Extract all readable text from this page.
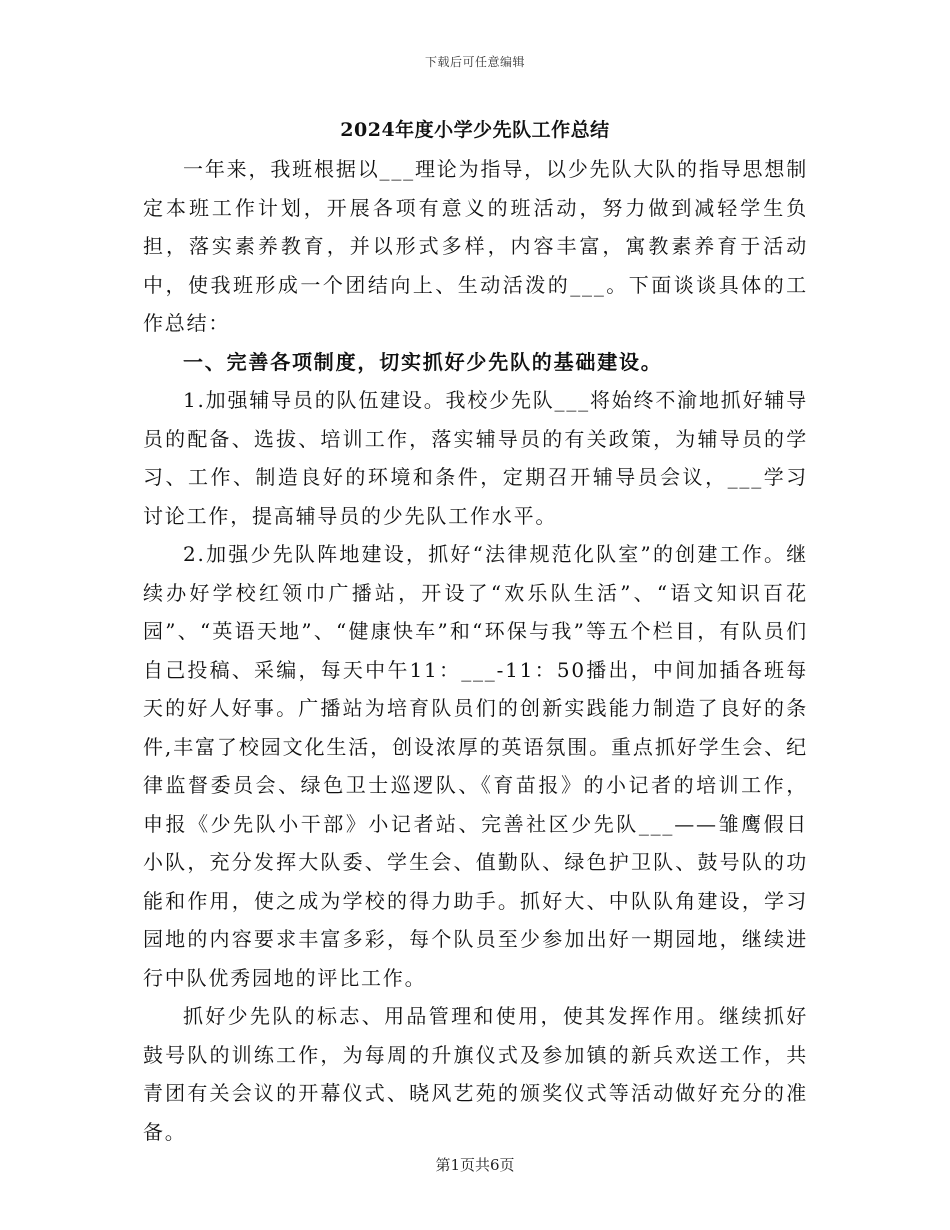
下载后可任意编辑
2024年度小学少先队工作总结

一年来，我班根据以___理论为指导，以少先队大队的指导思想制定本班工作计划，开展各项有意义的班活动，努力做到减轻学生负担，落实素养教育，并以形式多样，内容丰富，寓教素养育于活动中，使我班形成一个团结向上、生动活泼的___。下面谈谈具体的工作总结：

一、完善各项制度，切实抓好少先队的基础建设。

1.加强辅导员的队伍建设。我校少先队___将始终不渝地抓好辅导员的配备、选拔、培训工作，落实辅导员的有关政策，为辅导员的学习、工作、制造良好的环境和条件，定期召开辅导员会议，___学习讨论工作，提高辅导员的少先队工作水平。

2.加强少先队阵地建设，抓好“法律规范化队室”的创建工作。继续办好学校红领巾广播站，开设了“欢乐队生活”、“语文知识百花园”、“英语天地”、“健康快车”和“环保与我”等五个栏目，有队员们自己投稿、采编，每天中午11：___-11：50播出，中间加插各班每天的好人好事。广播站为培育队员们的创新实践能力制造了良好的条件,丰富了校园文化生活，创设浓厚的英语氛围。重点抓好学生会、纪律监督委员会、绿色卫士巡逻队、《育苗报》的小记者的培训工作，申报《少先队小干部》小记者站、完善社区少先队___——雏鹰假日小队，充分发挥大队委、学生会、值勤队、绿色护卫队、鼓号队的功能和作用，使之成为学校的得力助手。抓好大、中队队角建设，学习园地的内容要求丰富多彩，每个队员至少参加出好一期园地，继续进行中队优秀园地的评比工作。

抓好少先队的标志、用品管理和使用，使其发挥作用。继续抓好鼓号队的训练工作，为每周的升旗仪式及参加镇的新兵欢送工作，共青团有关会议的开幕仪式、晓风艺苑的颁奖仪式等活动做好充分的准备。

第1页共6页
